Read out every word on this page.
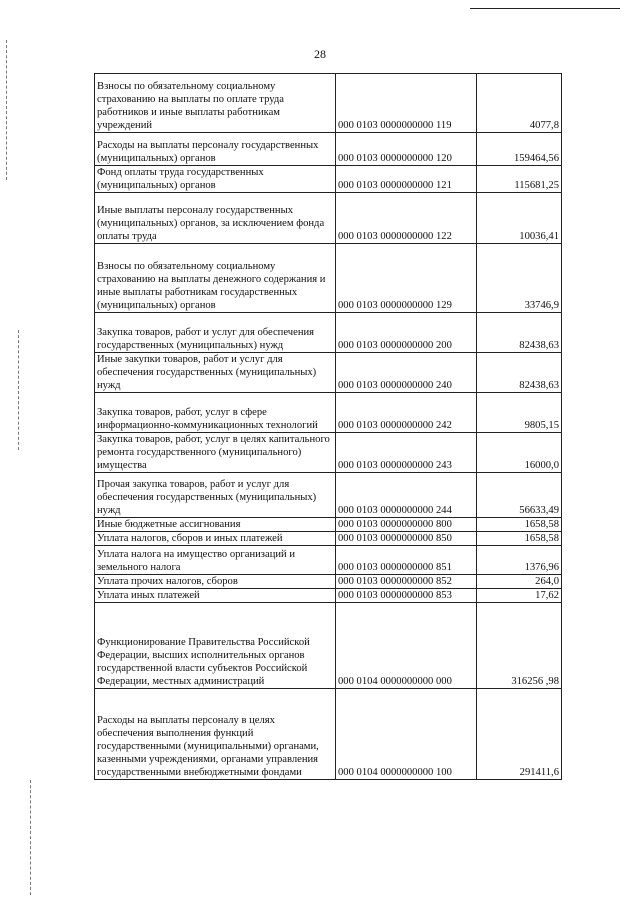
28
Взносы по обязательному социальному страхованию на выплаты по оплате труда работников и иные выплаты работникам учреждений	000 0103 0000000000 119	4077,8
Расходы на выплаты персоналу государственных (муниципальных) органов	000 0103 0000000000 120	159464,56
Фонд оплаты труда государственных (муниципальных) органов	000 0103 0000000000 121	115681,25
Иные выплаты персоналу государственных (муниципальных) органов, за исключением фонда оплаты труда	000 0103 0000000000 122	10036,41
Взносы по обязательному социальному страхованию на выплаты денежного содержания и иные выплаты работникам государственных (муниципальных) органов	000 0103 0000000000 129	33746,9
Закупка товаров, работ и услуг для обеспечения государственных (муниципальных) нужд	000 0103 0000000000 200	82438,63
Иные закупки товаров, работ и услуг для обеспечения государственных (муниципальных) нужд	000 0103 0000000000 240	82438,63
Закупка товаров, работ, услуг в сфере информационно-коммуникационных технологий	000 0103 0000000000 242	9805,15
Закупка товаров, работ, услуг в целях капитального ремонта государственного (муниципального) имущества	000 0103 0000000000 243	16000,0
Прочая закупка товаров, работ и услуг для обеспечения государственных (муниципальных) нужд	000 0103 0000000000 244	56633,49
Иные бюджетные ассигнования	000 0103 0000000000 800	1658,58
Уплата налогов, сборов и иных платежей	000 0103 0000000000 850	1658,58
Уплата налога на имущество организаций и земельного налога	000 0103 0000000000 851	1376,96
Уплата прочих налогов, сборов	000 0103 0000000000 852	264,0
Уплата иных платежей	000 0103 0000000000 853	17,62
Функционирование Правительства Российской Федерации, высших исполнительных органов государственной власти субъектов Российской Федерации, местных администраций	000 0104 0000000000 000	316256 ,98
Расходы на выплаты персоналу в целях обеспечения выполнения функций государственными (муниципальными) органами, казенными учреждениями, органами управления государственными внебюджетными фондами	000 0104 0000000000 100	291411,6
